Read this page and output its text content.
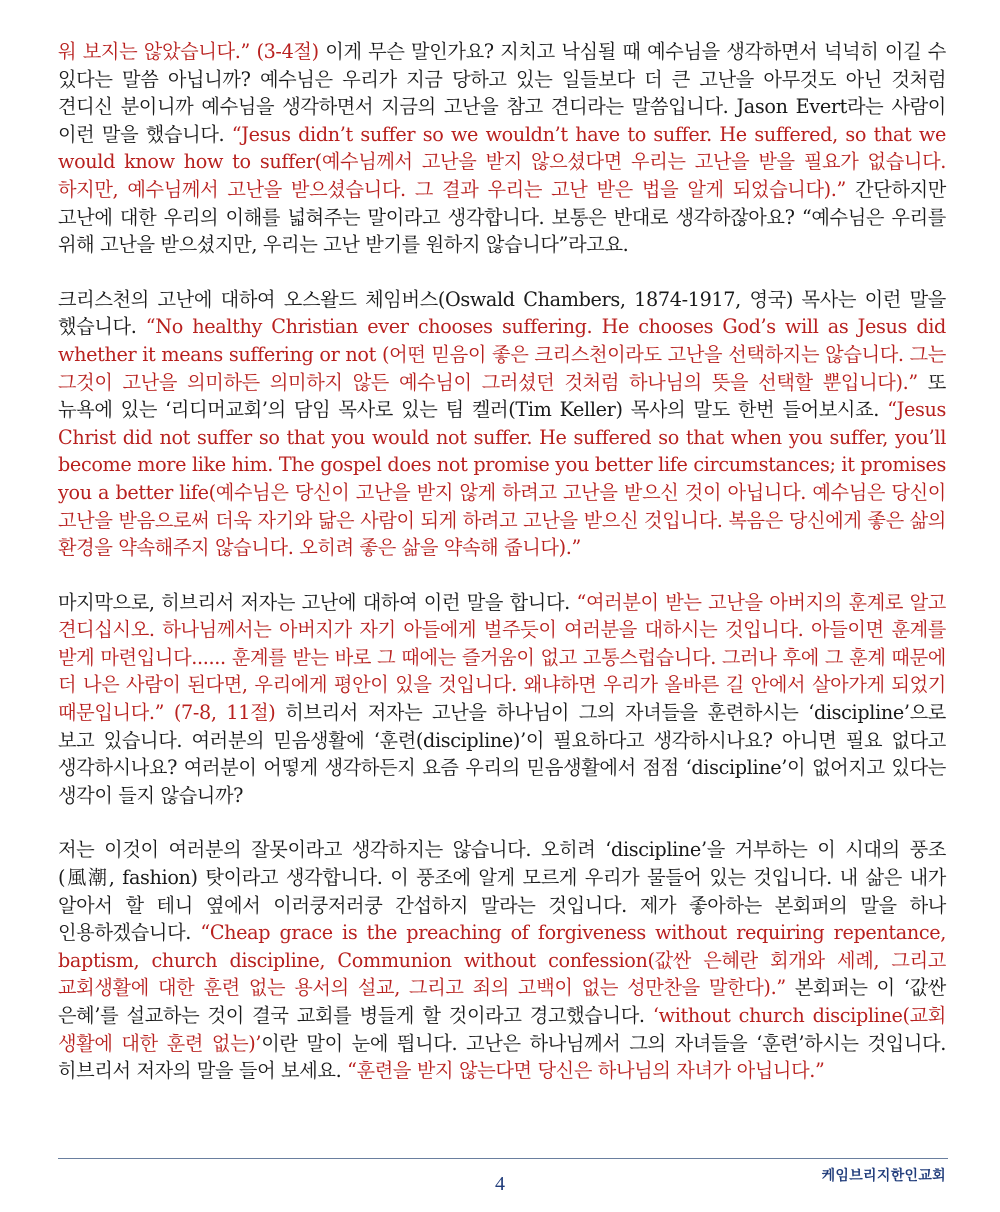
워 보지는 않았습니다.” (3-4절) 이게 무슨 말인가요? 지치고 낙심될 때 예수님을 생각하면서 넉넉히 이길 수 있다는 말씀 아닙니까? 예수님은 우리가 지금 당하고 있는 일들보다 더 큰 고난을 아무것도 아닌 것처럼 견디신 분이니까 예수님을 생각하면서 지금의 고난을 참고 견디라는 말씀입니다. Jason Evert라는 사람이 이런 말을 했습니다. “Jesus didn’t suffer so we wouldn’t have to suffer. He suffered, so that we would know how to suffer(예수님께서 고난을 받지 않으셨다면 우리는 고난을 받을 필요가 없습니다. 하지만, 예수님께서 고난을 받으셨습니다. 그 결과 우리는 고난 받은 법을 알게 되었습니다).” 간단하지만 고난에 대한 우리의 이해를 넓혀주는 말이라고 생각합니다. 보통은 반대로 생각하잖아요? “예수님은 우리를 위해 고난을 받으셨지만, 우리는 고난 받기를 원하지 않습니다”라고요.

크리스천의 고난에 대하여 오스왈드 체임버스(Oswald Chambers, 1874-1917, 영국) 목사는 이런 말을 했습니다. “No healthy Christian ever chooses suffering. He chooses God’s will as Jesus did whether it means suffering or not (어떤 믿음이 좋은 크리스천이라도 고난을 선택하지는 않습니다. 그는 그것이 고난을 의미하든 의미하지 않든 예수님이 그러셨던 것처럼 하나님의 뜻을 선택할 뿐입니다).” 또 뉴욕에 있는 ‘리디머교회’의 담임 목사로 있는 팀 켈러(Tim Keller) 목사의 말도 한번 들어보시죠. “Jesus Christ did not suffer so that you would not suffer. He suffered so that when you suffer, you’ll become more like him. The gospel does not promise you better life circumstances; it promises you a better life(예수님은 당신이 고난을 받지 않게 하려고 고난을 받으신 것이 아닙니다. 예수님은 당신이 고난을 받음으로써 더욱 자기와 닮은 사람이 되게 하려고 고난을 받으신 것입니다. 복음은 당신에게 좋은 삶의 환경을 약속해주지 않습니다. 오히려 좋은 삶을 약속해 줍니다).”

마지막으로, 히브리서 저자는 고난에 대하여 이런 말을 합니다. “여러분이 받는 고난을 아버지의 훈계로 알고 견디십시오. 하나님께서는 아버지가 자기 아들에게 벌주듯이 여러분을 대하시는 것입니다. 아들이면 훈계를 받게 마련입니다...... 훈계를 받는 바로 그 때에는 즐거움이 없고 고통스럽습니다. 그러나 후에 그 훈계 때문에 더 나은 사람이 된다면, 우리에게 평안이 있을 것입니다. 왜냐하면 우리가 올바른 길 안에서 살아가게 되었기 때문입니다.” (7-8, 11절) 히브리서 저자는 고난을 하나님이 그의 자녀들을 훈련하시는 ‘discipline’으로 보고 있습니다. 여러분의 믿음생활에 ‘훈련(discipline)’이 필요하다고 생각하시나요? 아니면 필요 없다고 생각하시나요? 여러분이 어떻게 생각하든지 요즘 우리의 믿음생활에서 점점 ‘discipline’이 없어지고 있다는 생각이 들지 않습니까?

저는 이것이 여러분의 잘못이라고 생각하지는 않습니다. 오히려 ‘discipline’을 거부하는 이 시대의 풍조(風潮, fashion) 탓이라고 생각합니다. 이 풍조에 알게 모르게 우리가 물들어 있는 것입니다. 내 삶은 내가 알아서 할 테니 옆에서 이러쿵저러쿵 간섭하지 말라는 것입니다. 제가 좋아하는 본회퍼의 말을 하나 인용하겠습니다. “Cheap grace is the preaching of forgiveness without requiring repentance, baptism, church discipline, Communion without confession(값싼 은혜란 회개와 세례, 그리고 교회생활에 대한 훈련 없는 용서의 설교, 그리고 죄의 고백이 없는 성만찬을 말한다).” 본회퍼는 이 ‘값싼 은혜’를 설교하는 것이 결국 교회를 병들게 할 것이라고 경고했습니다. ‘without church discipline(교회 생활에 대한 훈련 없는)’이란 말이 눈에 띕니다. 고난은 하나님께서 그의 자녀들을 ‘훈련’하시는 것입니다. 히브리서 저자의 말을 들어 보세요. “훈련을 받지 않는다면 당신은 하나님의 자녀가 아닙니다.”

4	케임브리지한인교회
